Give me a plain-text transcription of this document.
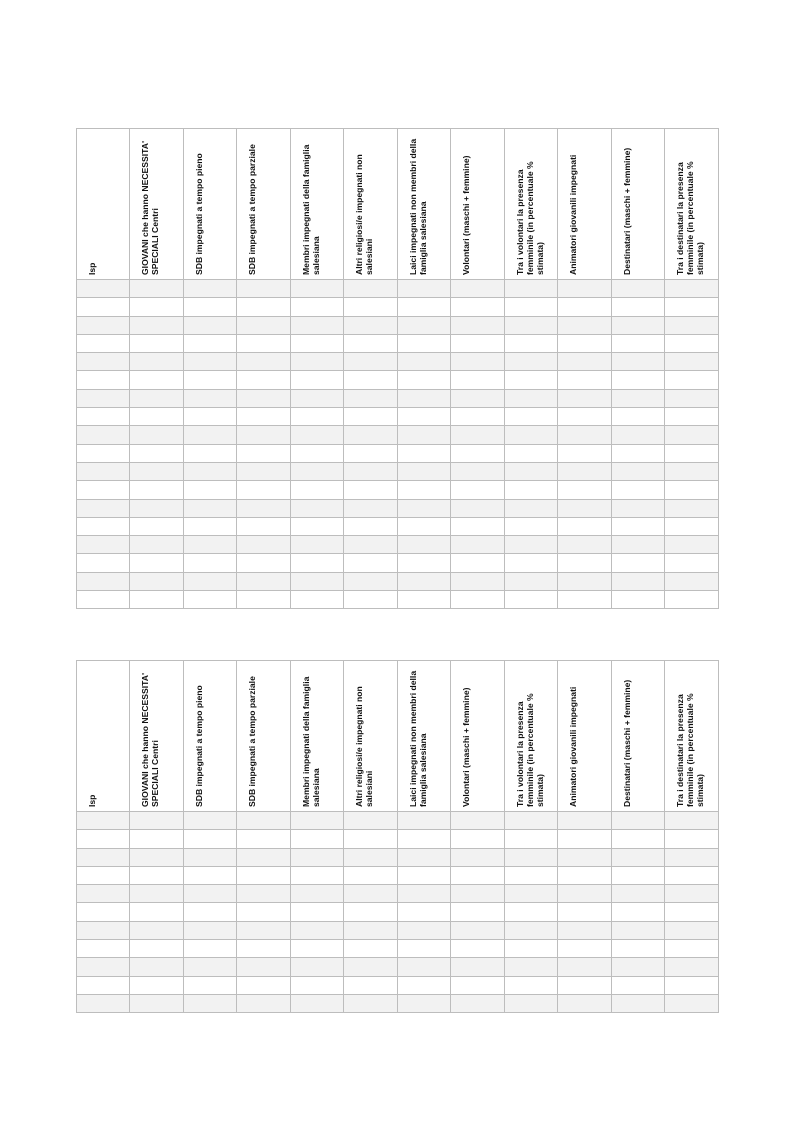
Isp	GIOVANI che hanno NECESSITA' SPECIALI Centri	SDB impegnati a tempo pieno	SDB impegnati a tempo parziale	Membri impegnati della famiglia salesiana	Altri religiosi/e impegnati non salesiani	Laici impegnati non membri della famiglia salesiana	Volontari (maschi + femmine)	Tra i volontari la presenza femminile (in percentuale % stimata)	Animatori giovanili impegnati	Destinatari (maschi + femmine)	Tra i destinatari la presenza femminile (in percentuale % stimata)
Isp	GIOVANI che hanno NECESSITA' SPECIALI Centri	SDB impegnati a tempo pieno	SDB impegnati a tempo parziale	Membri impegnati della famiglia salesiana	Altri religiosi/e impegnati non salesiani	Laici impegnati non membri della famiglia salesiana	Volontari (maschi + femmine)	Tra i volontari la presenza femminile (in percentuale % stimata)	Animatori giovanili impegnati	Destinatari (maschi + femmine)	Tra i destinatari la presenza femminile (in percentuale % stimata)
